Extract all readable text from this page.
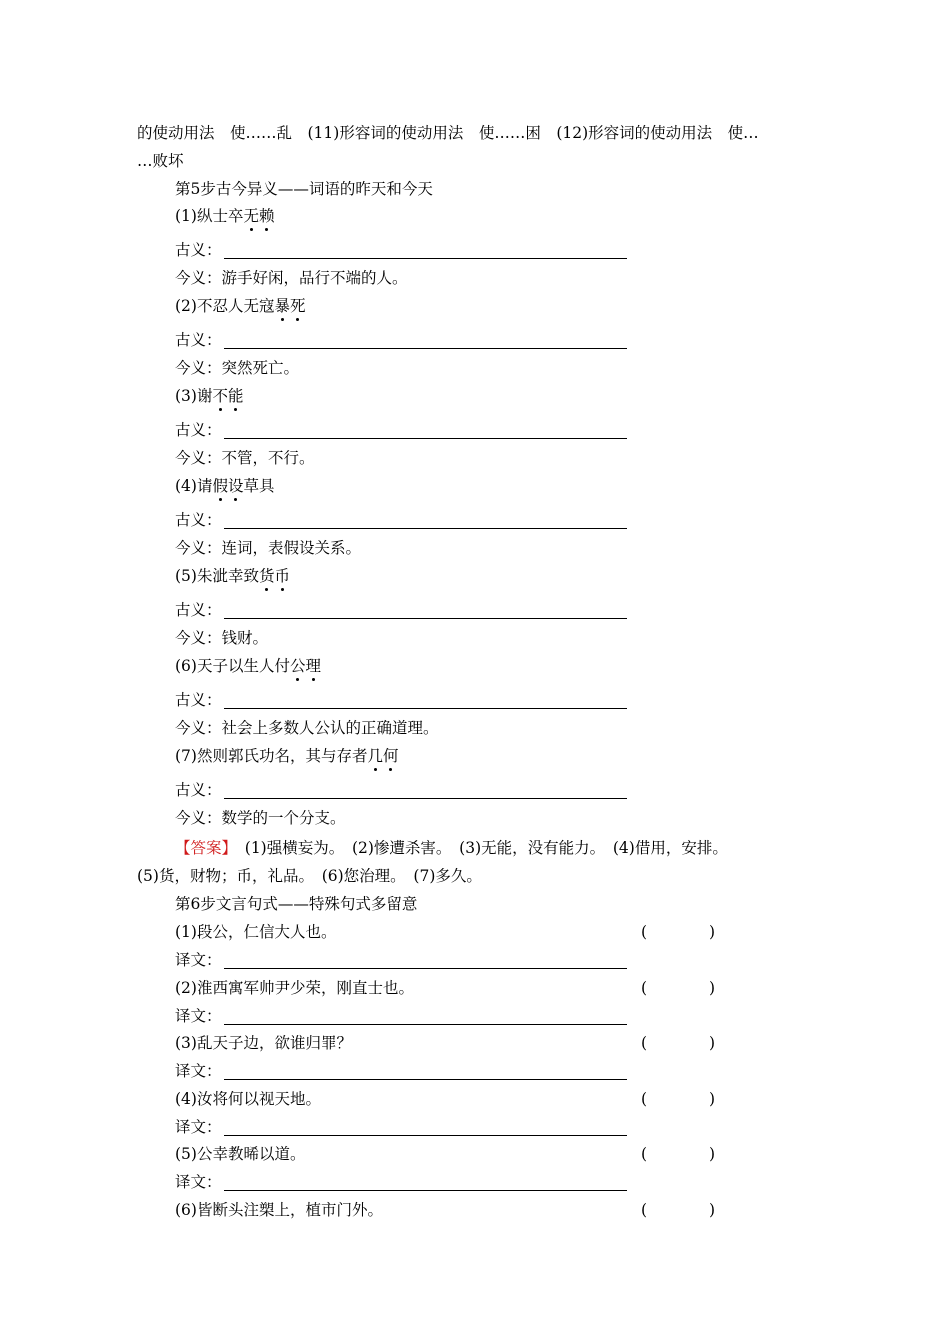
的使动用法　使……乱　(11)形容词的使动用法　使……困　(12)形容词的使动用法　使…
…败坏
第5步古今异义——词语的昨天和今天
(1)纵士卒无赖
古义：
今义：游手好闲，品行不端的人。
(2)不忍人无寇暴死
古义：
今义：突然死亡。
(3)谢不能
古义：
今义：不管，不行。
(4)请假设草具
古义：
今义：连词，表假设关系。
(5)朱泚幸致货币
古义：
今义：钱财。
(6)天子以生人付公理
古义：
今义：社会上多数人公认的正确道理。
(7)然则郭氏功名，其与存者几何
古义：
今义：数学的一个分支。
【答案】　(1)强横妄为。　(2)惨遭杀害。　(3)无能，没有能力。　(4)借用，安排。
(5)货，财物；币，礼品。　(6)您治理。　(7)多久。
第6步文言句式——特殊句式多留意
(1)段公，仁信大人也。	(　　　　)
译文：
(2)淮西寓军帅尹少荣，刚直士也。	(　　　　)
译文：
(3)乱天子边，欲谁归罪？	(　　　　)
译文：
(4)汝将何以视天地。	(　　　　)
译文：
(5)公幸教晞以道。	(　　　　)
译文：
(6)皆断头注槊上，植市门外。	(　　　　)
